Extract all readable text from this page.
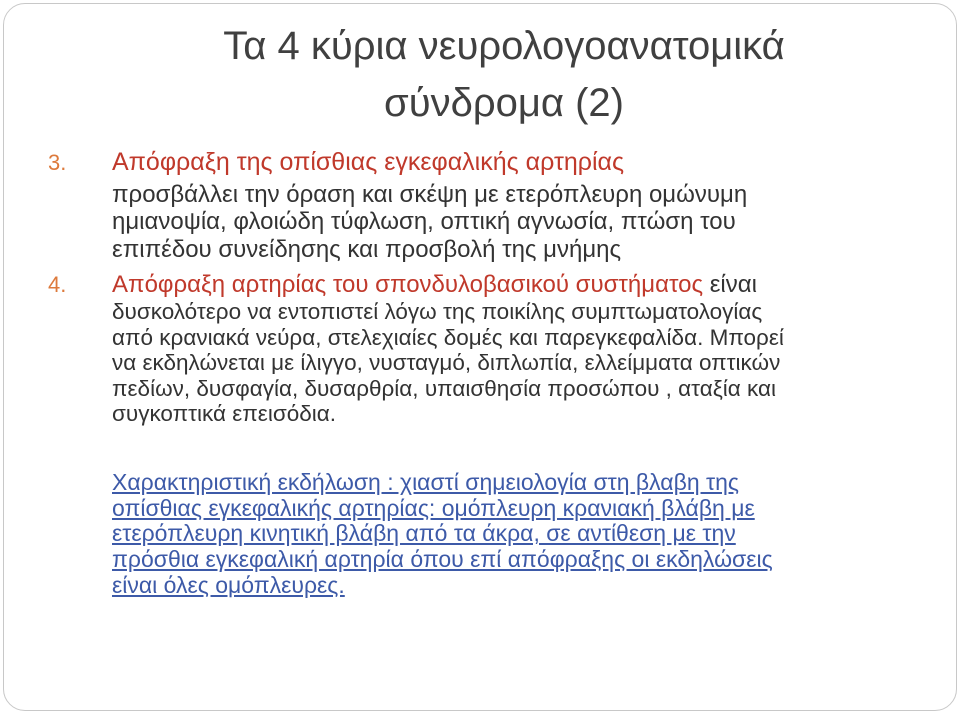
Τα 4 κύρια νευρολογοανατομικά
σύνδρομα (2)
3. Απόφραξη της οπίσθιας εγκεφαλικής αρτηρίας
προσβάλλει την όραση και σκέψη με ετερόπλευρη ομώνυμη
ημιανοψία, φλοιώδη τύφλωση, οπτική αγνωσία, πτώση του
επιπέδου συνείδησης και προσβολή της μνήμης
4. Απόφραξη αρτηρίας του σπονδυλοβασικού συστήματος είναι
δυσκολότερο να εντοπιστεί λόγω της ποικίλης συμπτωματολογίας
από κρανιακά νεύρα, στελεχιαίες δομές και παρεγκεφαλίδα. Μπορεί
να εκδηλώνεται με ίλιγγο, νυσταγμό, διπλωπία, ελλείμματα οπτικών
πεδίων, δυσφαγία, δυσαρθρία, υπαισθησία προσώπου , αταξία και
συγκοπτικά επεισόδια.
Χαρακτηριστική εκδήλωση : χιαστί σημειολογία στη βλαβη της
οπίσθιας εγκεφαλικής αρτηρίας: ομόπλευρη κρανιακή βλάβη με
ετερόπλευρη κινητική βλάβη από τα άκρα, σε αντίθεση με την
πρόσθια εγκεφαλική αρτηρία όπου επί απόφραξης οι εκδηλώσεις
είναι όλες ομόπλευρες.
